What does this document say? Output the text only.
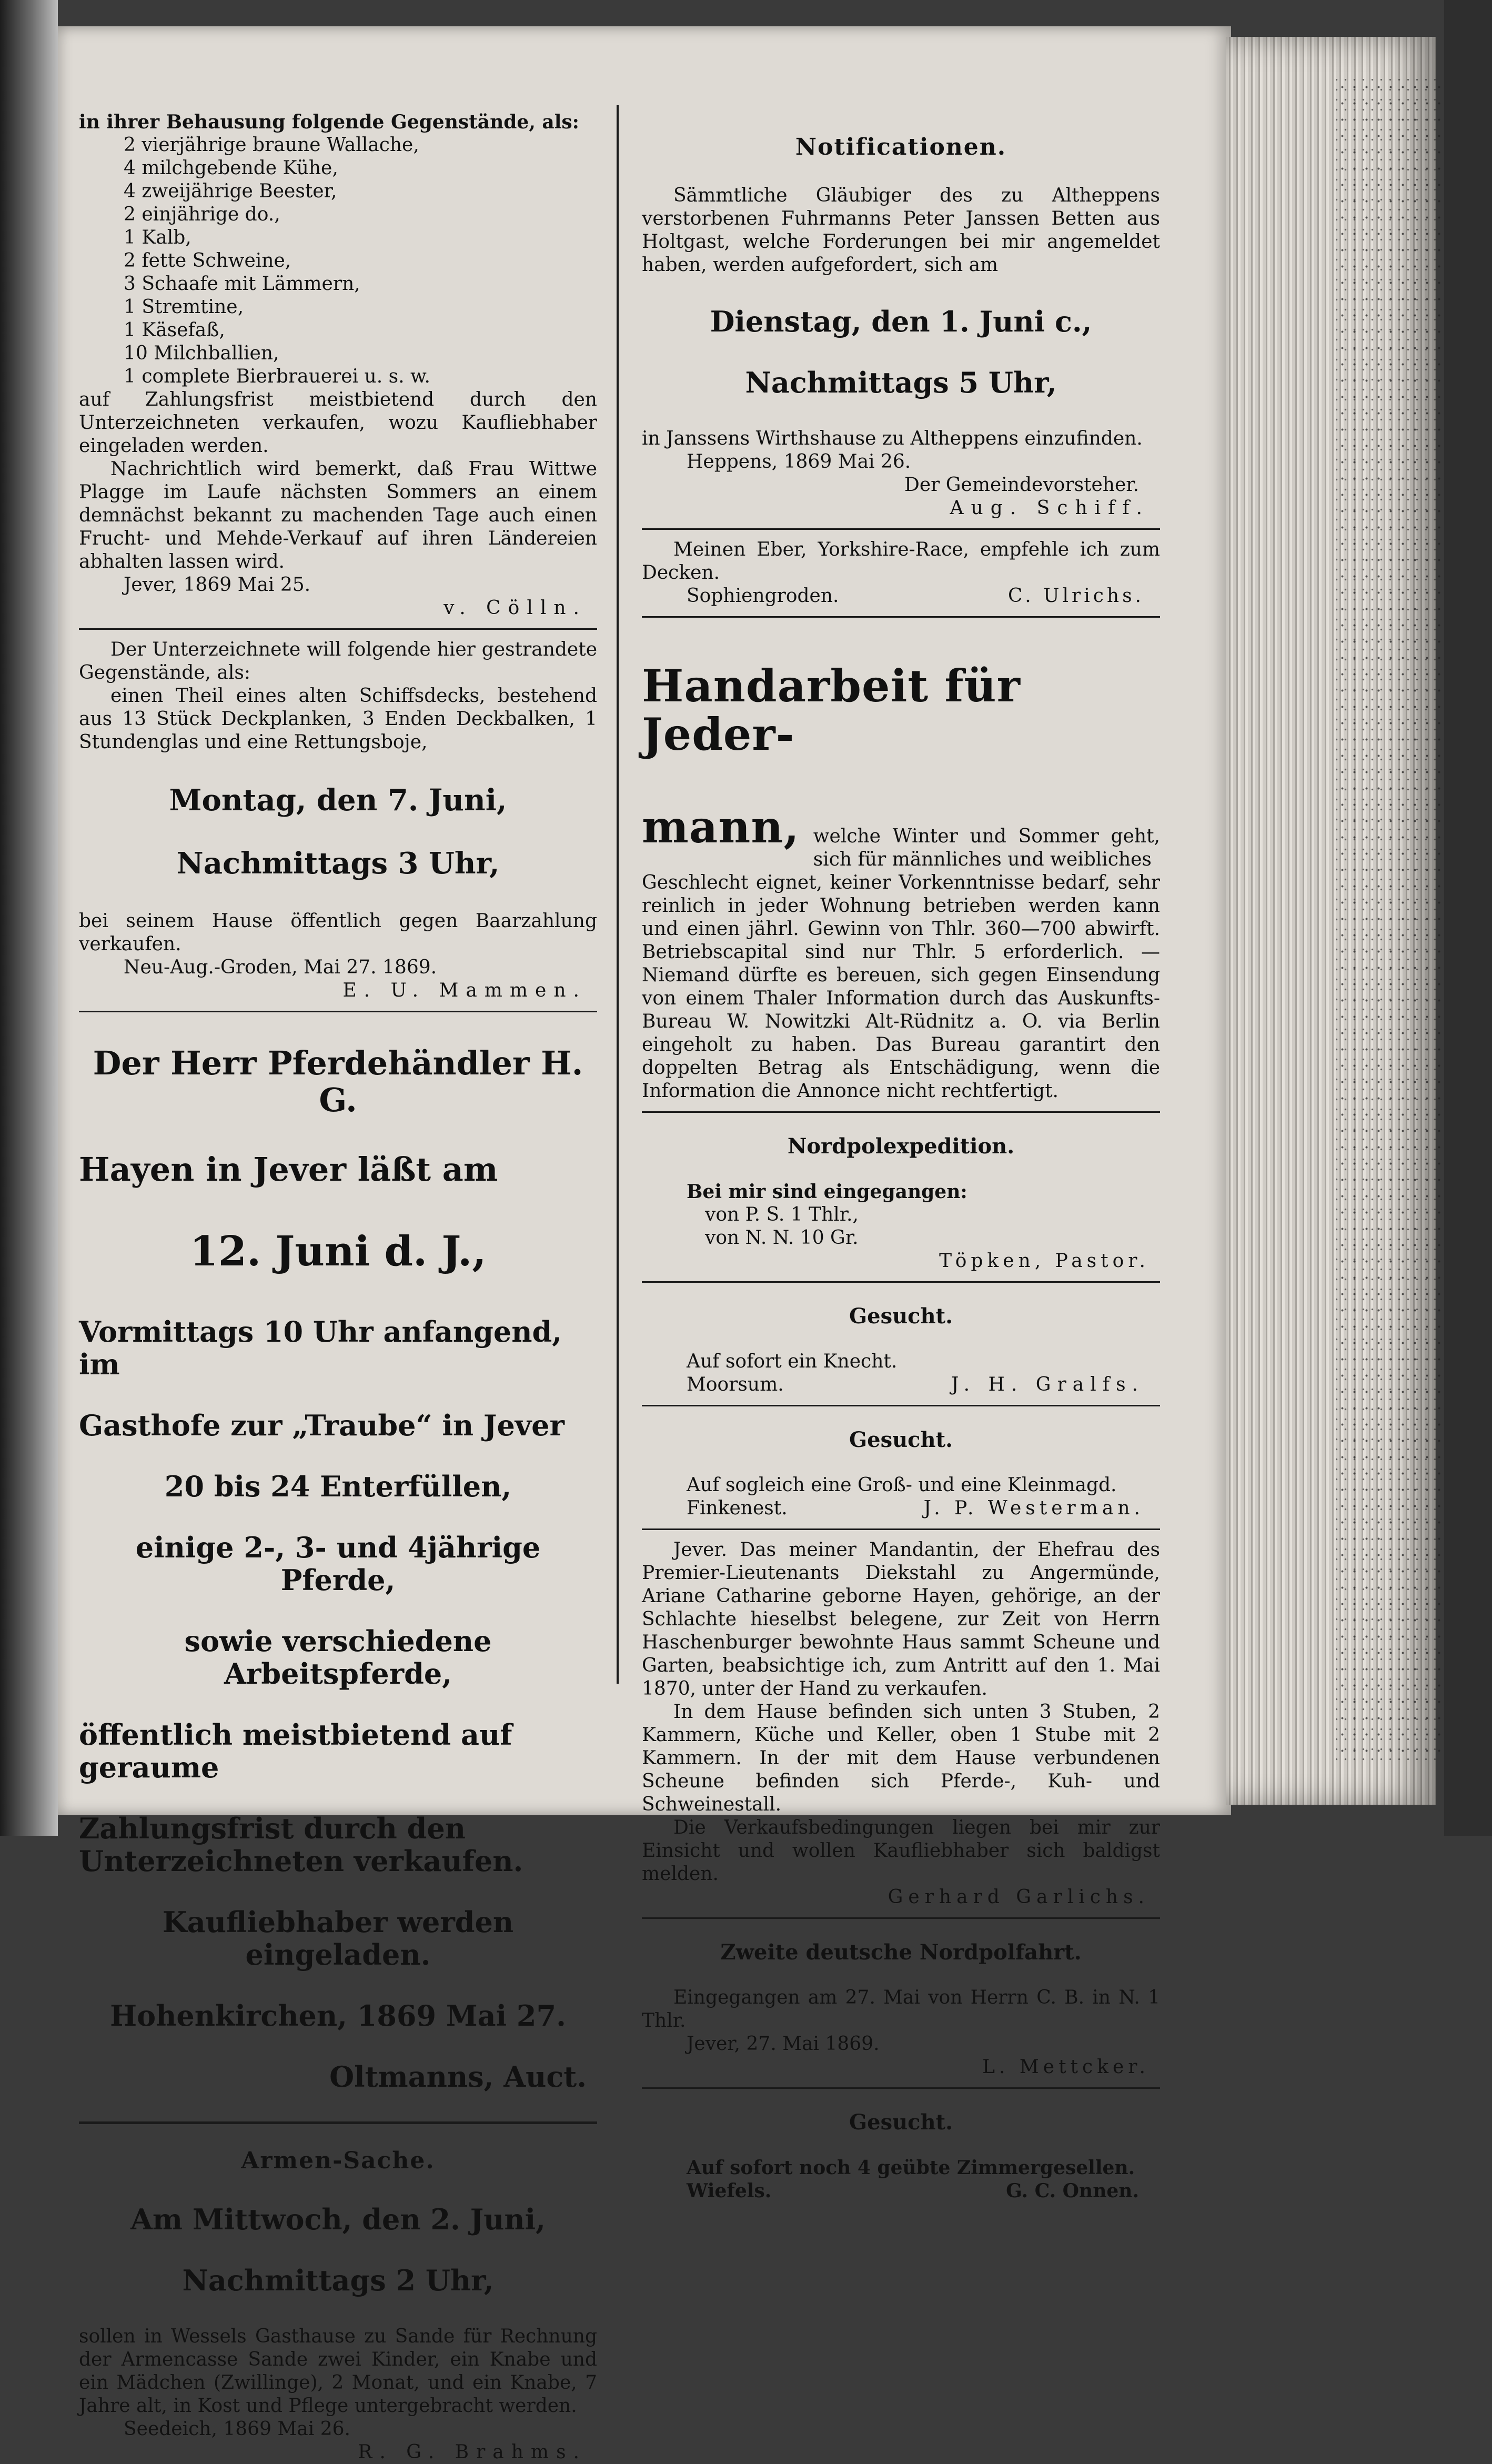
in ihrer Behausung folgende Gegenstände, als:

2 vierjährige braune Wallache,

4 milchgebende Kühe,

4 zweijährige Beester,

2 einjährige do.,

1 Kalb,

2 fette Schweine,

3 Schaafe mit Lämmern,

1 Stremtine,

1 Käsefaß,

10 Milchballien,

1 complete Bierbrauerei u. s. w.

auf Zahlungsfrist meistbietend durch den Unterzeichneten verkaufen, wozu Kaufliebhaber eingeladen werden.

Nachrichtlich wird bemerkt, daß Frau Wittwe Plagge im Laufe nächsten Sommers an einem demnächst bekannt zu machenden Tage auch einen Frucht- und Mehde-Verkauf auf ihren Ländereien abhalten lassen wird.

Jever, 1869 Mai 25.

v. Cölln.

Der Unterzeichnete will folgende hier gestrandete Gegenstände, als:

einen Theil eines alten Schiffsdecks, bestehend aus 13 Stück Deckplanken, 3 Enden Deckbalken, 1 Stundenglas und eine Rettungsboje,

Montag, den 7. Juni,

Nachmittags 3 Uhr,

bei seinem Hause öffentlich gegen Baarzahlung verkaufen.

Neu-Aug.-Groden, Mai 27. 1869.

E. U. Mammen.

Der Herr Pferdehändler H. G.

Hayen in Jever läßt am

12. Juni d. J.,

Vormittags 10 Uhr anfangend, im

Gasthofe zur „Traube“ in Jever

20 bis 24 Enterfüllen,

einige 2-, 3- und 4jährige Pferde,

sowie verschiedene Arbeitspferde,

öffentlich meistbietend auf geraume

Zahlungsfrist durch den Unterzeichneten verkaufen.

Kaufliebhaber werden eingeladen.

Hohenkirchen, 1869 Mai 27.

Oltmanns, Auct.

Armen-Sache.

Am Mittwoch, den 2. Juni,

Nachmittags 2 Uhr,

sollen in Wessels Gasthause zu Sande für Rechnung der Armencasse Sande zwei Kinder, ein Knabe und ein Mädchen (Zwillinge), 2 Monat, und ein Knabe, 7 Jahre alt, in Kost und Pflege untergebracht werden.

Seedeich, 1869 Mai 26.

R. G. Brahms.

Notificationen.

Sämmtliche Gläubiger des zu Altheppens verstorbenen Fuhrmanns Peter Janssen Betten aus Holtgast, welche Forderungen bei mir angemeldet haben, werden aufgefordert, sich am

Dienstag, den 1. Juni c.,

Nachmittags 5 Uhr,

in Janssens Wirthshause zu Altheppens einzufinden.

Heppens, 1869 Mai 26.

Der Gemeindevorsteher.

Aug. Schiff.

Meinen Eber, Yorkshire-Race, empfehle ich zum Decken.

Sophiengroden.	C. Ulrichs.

Handarbeit für Jeder-

mann, welche Winter und Sommer geht, sich für männliches und weibliches

Geschlecht eignet, keiner Vorkenntnisse bedarf, sehr reinlich in jeder Wohnung betrieben werden kann und einen jährl. Gewinn von Thlr. 360—700 abwirft. Betriebscapital sind nur Thlr. 5 erforderlich. — Niemand dürfte es bereuen, sich gegen Einsendung von einem Thaler Information durch das Auskunfts-Bureau W. Nowitzki Alt-Rüdnitz a. O. via Berlin eingeholt zu haben. Das Bureau garantirt den doppelten Betrag als Entschädigung, wenn die Information die Annonce nicht rechtfertigt.

Nordpolexpedition.

Bei mir sind eingegangen:

von P. S. 1 Thlr.,

von N. N. 10 Gr.

Töpken, Pastor.

Gesucht.

Auf sofort ein Knecht.

Moorsum.	J. H. Gralfs.

Gesucht.

Auf sogleich eine Groß- und eine Kleinmagd.

Finkenest.	J. P. Westerman.

Jever. Das meiner Mandantin, der Ehefrau des Premier-Lieutenants Diekstahl zu Angermünde, Ariane Catharine geborne Hayen, gehörige, an der Schlachte hieselbst belegene, zur Zeit von Herrn Haschenburger bewohnte Haus sammt Scheune und Garten, beabsichtige ich, zum Antritt auf den 1. Mai 1870, unter der Hand zu verkaufen.

In dem Hause befinden sich unten 3 Stuben, 2 Kammern, Küche und Keller, oben 1 Stube mit 2 Kammern. In der mit dem Hause verbundenen Scheune befinden sich Pferde-, Kuh- und Schweinestall.

Die Verkaufsbedingungen liegen bei mir zur Einsicht und wollen Kaufliebhaber sich baldigst melden.

Gerhard Garlichs.

Zweite deutsche Nordpolfahrt.

Eingegangen am 27. Mai von Herrn C. B. in N. 1 Thlr.

Jever, 27. Mai 1869.

L. Mettcker.

Gesucht.

Auf sofort noch 4 geübte Zimmergesellen.

Wiefels.	G. C. Onnen.
